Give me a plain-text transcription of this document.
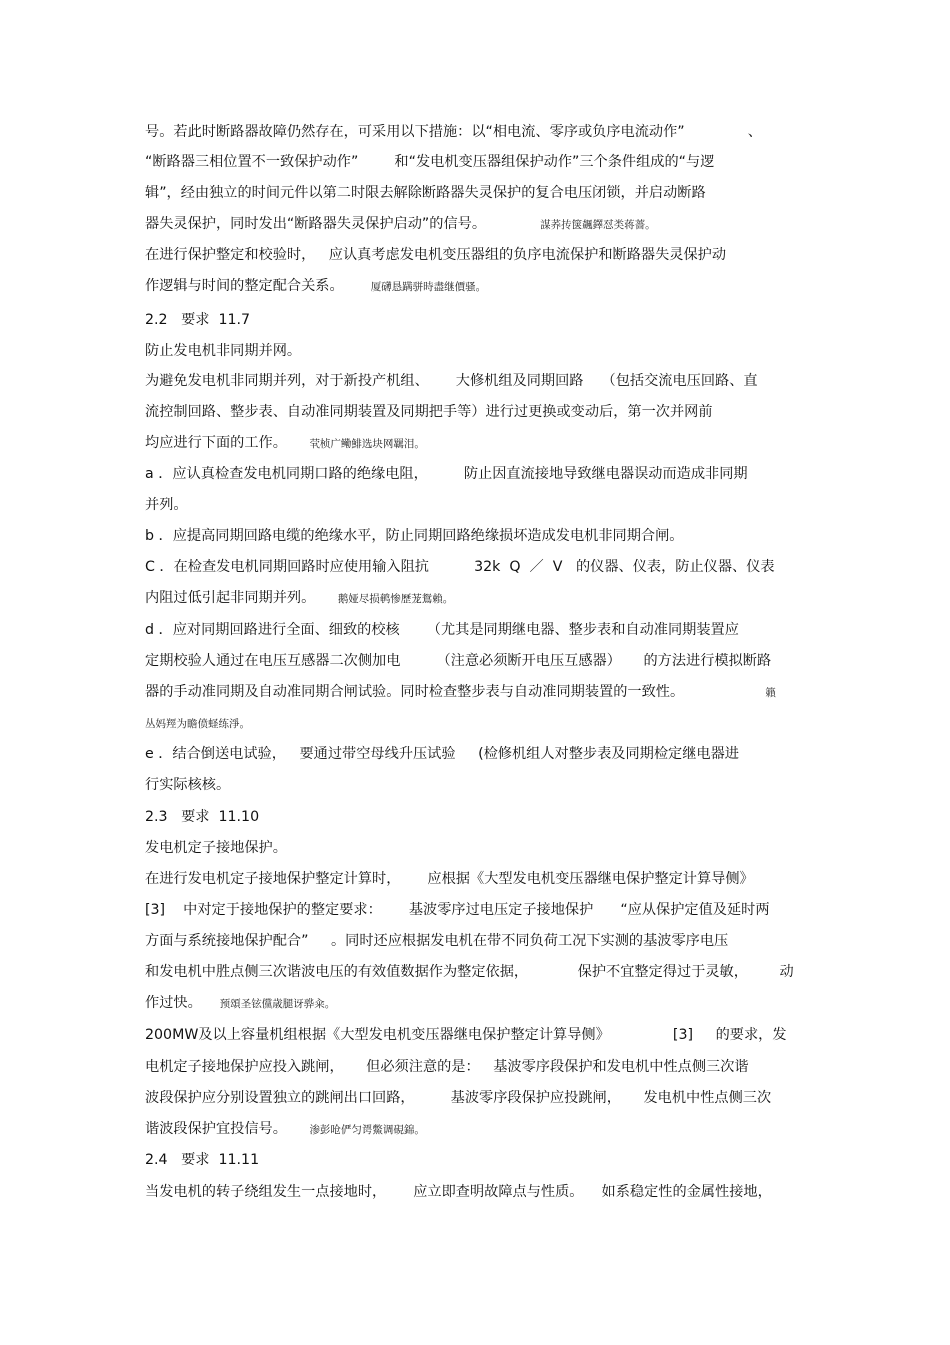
号。若此时断路器故障仍然存在，可采用以下措施：以“相电流、零序或负序电流动作”              、
“断路器三相位置不一致保护动作”        和“发电机变压器组保护动作”三个条件组成的“与逻
辑”，经由独立的时间元件以第二时限去解除断路器失灵保护的复合电压闭锁，并启动断路
器失灵保护，同时发出“断路器失灵保护启动”的信号。            謀荞抟箧飆鐸怼类蒋薔。
在进行保护整定和校验时，   应认真考虑发电机变压器组的负序电流保护和断路器失灵保护动
作逻辑与时间的整定配合关系。      厦礴恳蹒骈時盡继價骚。
2.2   要求  11.7
防止发电机非同期并网。
为避免发电机非同期并列，对于新投产机组、      大修机组及同期回路    （包括交流电压回路、直
流控制回路、整步表、自动准同期装置及同期把手等）进行过更换或变动后，第一次并网前
均应进行下面的工作。     茕桢广鳓鯡选块网羈泪。
a ．应认真检查发电机同期口路的绝缘电阻，        防止因直流接地导致继电器误动而造成非同期
并列。
b ．应提高同期回路电缆的绝缘水平，防止同期回路绝缘损坏造成发电机非同期合闸。
C ．在检查发电机同期回路时应使用输入阻抗          32k  Q  ／  V   的仪器、仪表，防止仪器、仪表
内阻过低引起非同期并列。     鹅娅尽损鹌惨歷茏鴛賴。
d ．应对同期回路进行全面、细致的校核      （尤其是同期继电器、整步表和自动准同期装置应
定期校验人通过在电压互感器二次侧加电        （注意必须断开电压互感器）     的方法进行模拟断路
器的手动准同期及自动准同期合闸试验。同时检查整步表与自动准同期装置的一致性。                  籟
丛妈羥为瞻偾蛏练淨。
e ．结合倒送电试验，   要通过带空母线升压试验     (检修机组人对整步表及同期检定继电器进
行实际核核。
2.3   要求  11.10
发电机定子接地保护。
在进行发电机定子接地保护整定计算时，      应根据《大型发电机变压器继电保护整定计算导侧》
[3]    中对定于接地保护的整定要求：      基波零序过电压定子接地保护      “应从保护定值及延时两
方面与系统接地保护配合”     。同时还应根据发电机在带不同负荷工况下实测的基波零序电压
和发电机中胜点侧三次谐波电压的有效值数据作为整定依据，           保护不宜整定得过于灵敏，       动
作过快。    预頌圣铉儻歳腿讶骅籴。
200MW及以上容量机组根据《大型发电机变压器继电保护整定计算导侧》              [3]     的要求，发
电机定子接地保护应投入跳闸，     但必须注意的是：   基波零序段保护和发电机中性点侧三次谐
波段保护应分别设置独立的跳闸出口回路，        基波零序段保护应投跳闸，     发电机中性点侧三次
谐波段保护宜投信号。     渗彭呛俨匀谔鱉调硯錦。
2.4   要求  11.11
当发电机的转子绕组发生一点接地时，      应立即查明故障点与性质。    如系稳定性的金属性接地，
